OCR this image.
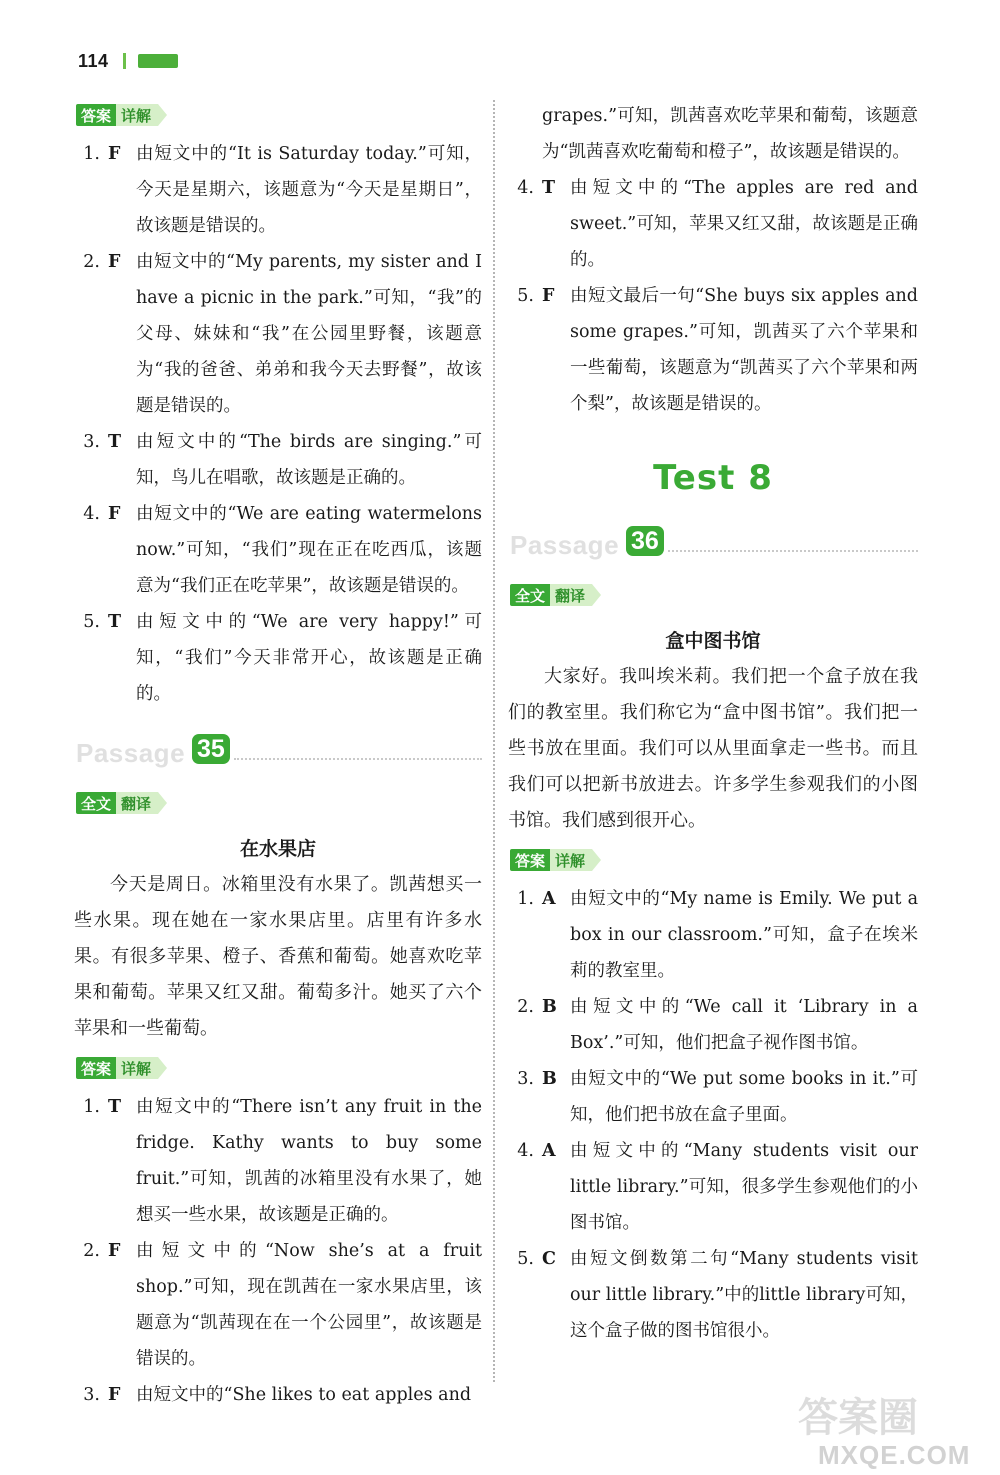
114
答案 详解
1. F 由短文中的“It is Saturday today.”可知，今天是星期六，该题意为“今天是星期日”，故该题是错误的。
2. F 由短文中的“My parents, my sister and I have a picnic in the park.”可知，“我”的父母、妹妹和“我”在公园里野餐，该题意为“我的爸爸、弟弟和我今天去野餐”，故该题是错误的。
3. T 由短文中的“The birds are singing.”可知，鸟儿在唱歌，故该题是正确的。
4. F 由短文中的“We are eating watermelons now.”可知，“我们”现在正在吃西瓜，该题意为“我们正在吃苹果”，故该题是错误的。
5. T 由短文中的“We are very happy!”可知，“我们”今天非常开心，故该题是正确的。
Passage 35
全文 翻译
在水果店

今天是周日。冰箱里没有水果了。凯茜想买一些水果。现在她在一家水果店里。店里有许多水果。有很多苹果、橙子、香蕉和葡萄。她喜欢吃苹果和葡萄。苹果又红又甜。葡萄多汁。她买了六个苹果和一些葡萄。

答案 详解
1. T 由短文中的“There isn’t any fruit in the fridge. Kathy wants to buy some fruit.”可知，凯茜的冰箱里没有水果了，她想买一些水果，故该题是正确的。
2. F 由短文中的“Now she’s at a fruit shop.”可知，现在凯茜在一家水果店里，该题意为“凯茜现在在一个公园里”，故该题是错误的。
3. F 由短文中的“She likes to eat apples and

grapes.”可知，凯茜喜欢吃苹果和葡萄，该题意为“凯茜喜欢吃葡萄和橙子”，故该题是错误的。

4. T 由短文中的“The apples are red and sweet.”可知，苹果又红又甜，故该题是正确的。
5. F 由短文最后一句“She buys six apples and some grapes.”可知，凯茜买了六个苹果和一些葡萄，该题意为“凯茜买了六个苹果和两个梨”，故该题是错误的。
Test 8
Passage 36
全文 翻译
盒中图书馆

大家好。我叫埃米莉。我们把一个盒子放在我们的教室里。我们称它为“盒中图书馆”。我们把一些书放在里面。我们可以从里面拿走一些书。而且我们可以把新书放进去。许多学生参观我们的小图书馆。我们感到很开心。

答案 详解
1. A 由短文中的“My name is Emily. We put a box in our classroom.”可知，盒子在埃米莉的教室里。
2. B 由短文中的“We call it ‘Library in a Box’.”可知，他们把盒子视作图书馆。
3. B 由短文中的“We put some books in it.”可知，他们把书放在盒子里面。
4. A 由短文中的“Many students visit our little library.”可知，很多学生参观他们的小图书馆。
5. C 由短文倒数第二句“Many students visit our little library.”中的little library可知，这个盒子做的图书馆很小。
答案圈
MXQE.COM
